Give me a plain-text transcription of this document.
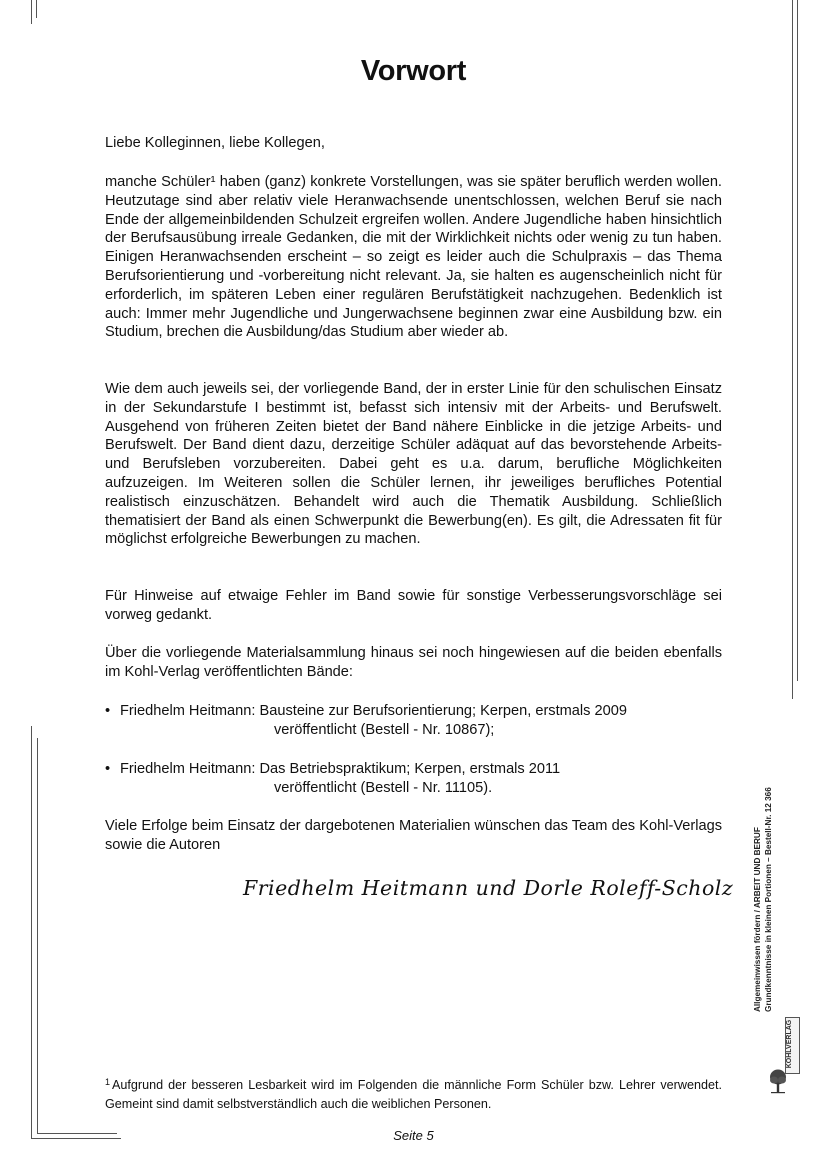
Vorwort
Liebe Kolleginnen, liebe Kollegen,
manche Schüler¹ haben (ganz) konkrete Vorstellungen, was sie später beruflich werden wollen. Heutzutage sind aber relativ viele Heranwachsende unentschlossen, welchen Beruf sie nach Ende der allgemeinbildenden Schulzeit ergreifen wollen. Andere Jugendliche haben hinsichtlich der Berufsausübung irreale Gedanken, die mit der Wirklichkeit nichts oder wenig zu tun haben. Einigen Heranwachsenden erscheint – so zeigt es leider auch die Schulpraxis – das Thema Berufsorientierung und -vorbereitung nicht relevant. Ja, sie halten es augenscheinlich nicht für erforderlich, im späteren Leben einer regulären Berufstätigkeit nachzugehen. Bedenklich ist auch: Immer mehr Jugendliche und Jungerwachsene beginnen zwar eine Ausbildung bzw. ein Studium, brechen die Ausbildung/das Studium aber wieder ab.
Wie dem auch jeweils sei, der vorliegende Band, der in erster Linie für den schulischen Einsatz in der Sekundarstufe I bestimmt ist, befasst sich intensiv mit der Arbeits- und Berufswelt. Ausgehend von früheren Zeiten bietet der Band nähere Einblicke in die jetzige Arbeits- und Berufswelt. Der Band dient dazu, derzeitige Schüler adäquat auf das bevorstehende Arbeits- und Berufsleben vorzubereiten. Dabei geht es u.a. darum, berufliche Möglichkeiten aufzuzeigen. Im Weiteren sollen die Schüler lernen, ihr jeweiliges berufliches Potential realistisch einzuschätzen. Behandelt wird auch die Thematik Ausbildung. Schließlich thematisiert der Band als einen Schwerpunkt die Bewerbung(en). Es gilt, die Adressaten fit für möglichst erfolgreiche Bewerbungen zu machen.
Für Hinweise auf etwaige Fehler im Band sowie für sonstige Verbesserungsvorschläge sei vorweg gedankt.
Über die vorliegende Materialsammlung hinaus sei noch hingewiesen auf die beiden ebenfalls im Kohl-Verlag veröffentlichten Bände:
• Friedhelm Heitmann: Bausteine zur Berufsorientierung; Kerpen, erstmals 2009
veröffentlicht (Bestell - Nr. 10867);
• Friedhelm Heitmann: Das Betriebspraktikum; Kerpen, erstmals 2011
veröffentlicht (Bestell - Nr. 11105).
Viele Erfolge beim Einsatz der dargebotenen Materialien wünschen das Team des Kohl-Verlags sowie die Autoren
Friedhelm Heitmann und Dorle Roleff-Scholz
$^1$ Aufgrund der besseren Lesbarkeit wird im Folgenden die männliche Form Schüler bzw. Lehrer verwendet. Gemeint sind damit selbstverständlich auch die weiblichen Personen.
Seite 5
Allgemeinwissen fördern / ARBEIT UND BERUF Grundkenntnisse in kleinen Portionen – Bestell-Nr. 12 366
KOHLVERLAG
